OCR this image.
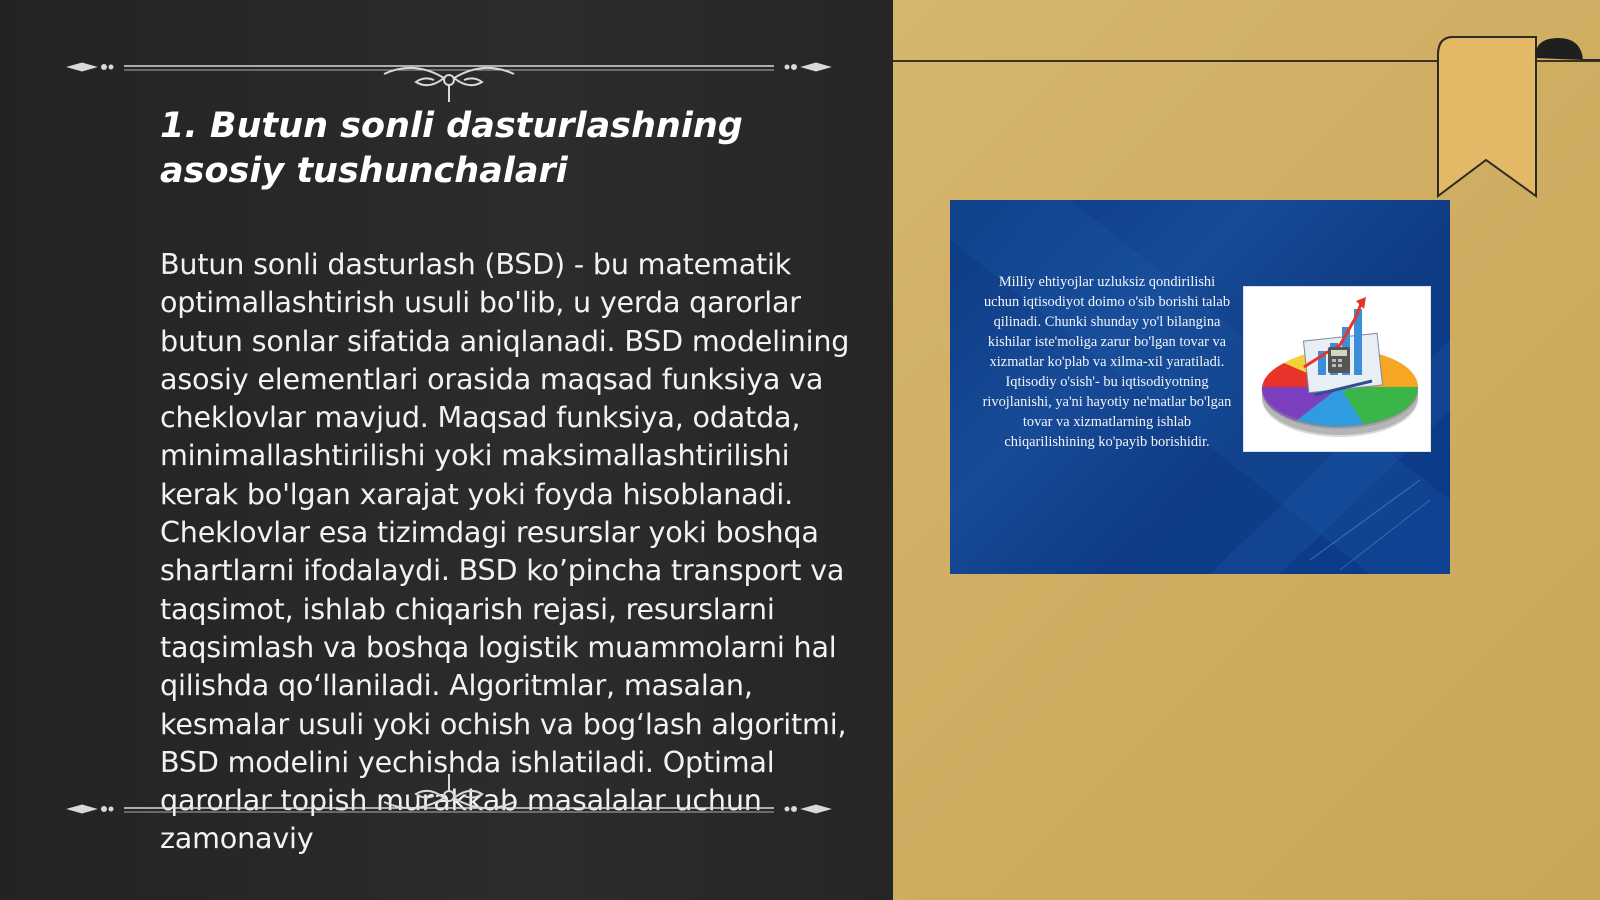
1. Butun sonli dasturlashning asosiy tushunchalari

Butun sonli dasturlash (BSD) - bu matematik optimallashtirish usuli bo'lib, u yerda qarorlar butun sonlar sifatida aniqlanadi. BSD modelining asosiy elementlari orasida maqsad funksiya va cheklovlar mavjud. Maqsad funksiya, odatda, minimallashtirilishi yoki maksimallashtirilishi kerak bo'lgan xarajat yoki foyda hisoblanadi. Cheklovlar esa tizimdagi resurslar yoki boshqa shartlarni ifodalaydi. BSD ko’pincha transport va taqsimot, ishlab chiqarish rejasi, resurslarni taqsimlash va boshqa logistik muammolarni hal qilishda qo‘llaniladi. Algoritmlar, masalan, kesmalar usuli yoki ochish va bog‘lash algoritmi, BSD modelini yechishda ishlatiladi. Optimal qarorlar topish murakkab masalalar uchun zamonaviy

Milliy ehtiyojlar uzluksiz qondirilishi uchun iqtisodiyot doimo o'sib borishi talab qilinadi. Chunki shunday yo'l bilangina kishilar iste'moliga zarur bo'lgan tovar va xizmatlar ko'plab va xilma-xil yaratiladi. Iqtisodiy o'sish'- bu iqtisodiyotning rivojlanishi, ya'ni hayotiy ne'matlar bo'lgan tovar va xizmatlarning ishlab chiqarilishining ko'payib borishidir.
